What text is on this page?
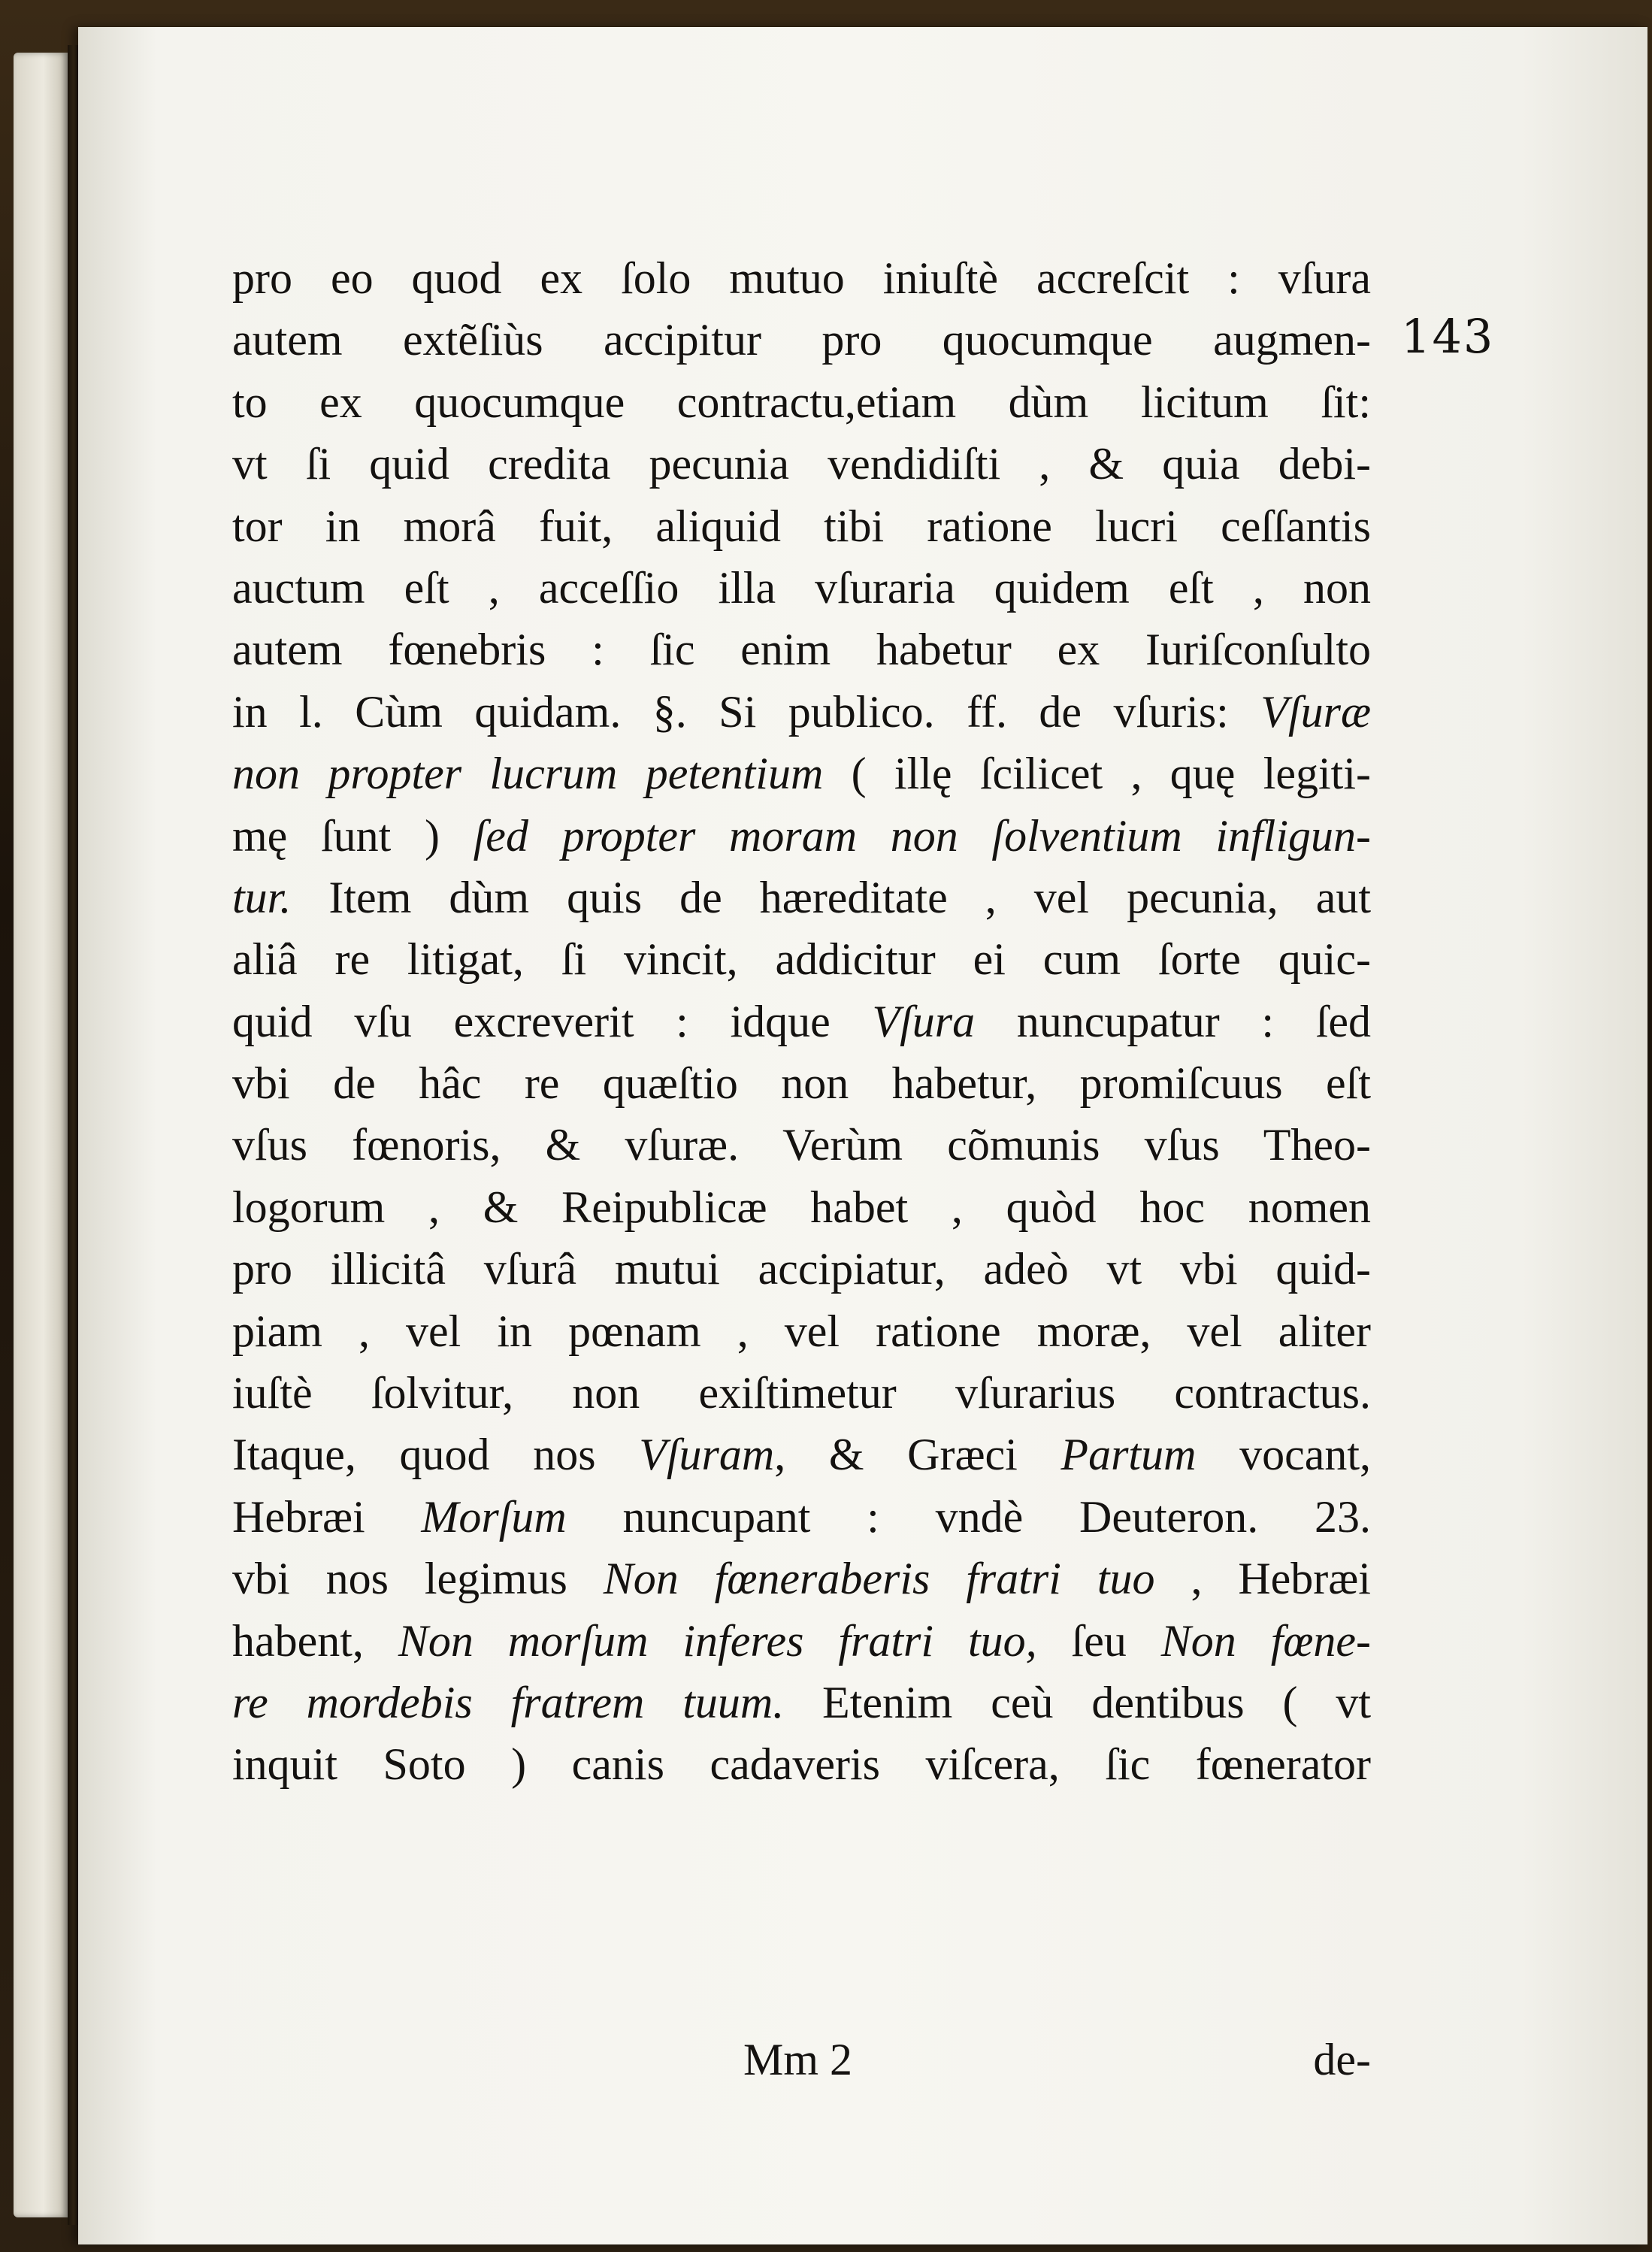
143
pro eo quod ex ſolo mutuo iniuſtè accreſcit : vſura
autem extẽſiùs accipitur pro quocumque augmen-
to ex quocumque contractu,etiam dùm licitum ſit:
vt ſi quid credita pecunia vendidiſti , & quia debi-
tor in morâ fuit, aliquid tibi ratione lucri ceſſantis
auctum eſt , acceſſio illa vſuraria quidem eſt , non
autem fœnebris : ſic enim habetur ex Iuriſconſulto
in l. Cùm quidam. §. Si publico. ff. de vſuris: Vſuræ
non propter lucrum petentium ( illę ſcilicet , quę legiti-
mę ſunt ) ſed propter moram non ſolventium infligun-
tur. Item dùm quis de hæreditate , vel pecunia, aut
aliâ re litigat, ſi vincit, addicitur ei cum ſorte quic-
quid vſu excreverit : idque Vſura nuncupatur : ſed
vbi de hâc re quæſtio non habetur, promiſcuus eſt
vſus fœnoris, & vſuræ. Verùm cõmunis vſus Theo-
logorum , & Reipublicæ habet , quòd hoc nomen
pro illicitâ vſurâ mutui accipiatur, adeò vt vbi quid-
piam , vel in pœnam , vel ratione moræ, vel aliter
iuſtè ſolvitur, non exiſtimetur vſurarius contractus.
Itaque, quod nos Vſuram, & Græci Partum vocant,
Hebræi Morſum nuncupant : vndè Deuteron. 23.
vbi nos legimus Non fœneraberis fratri tuo , Hebræi
habent, Non morſum inferes fratri tuo, ſeu Non fœne-
re mordebis fratrem tuum. Etenim ceù dentibus ( vt
inquit Soto ) canis cadaveris viſcera, ſic fœnerator
Mm 2	de-
